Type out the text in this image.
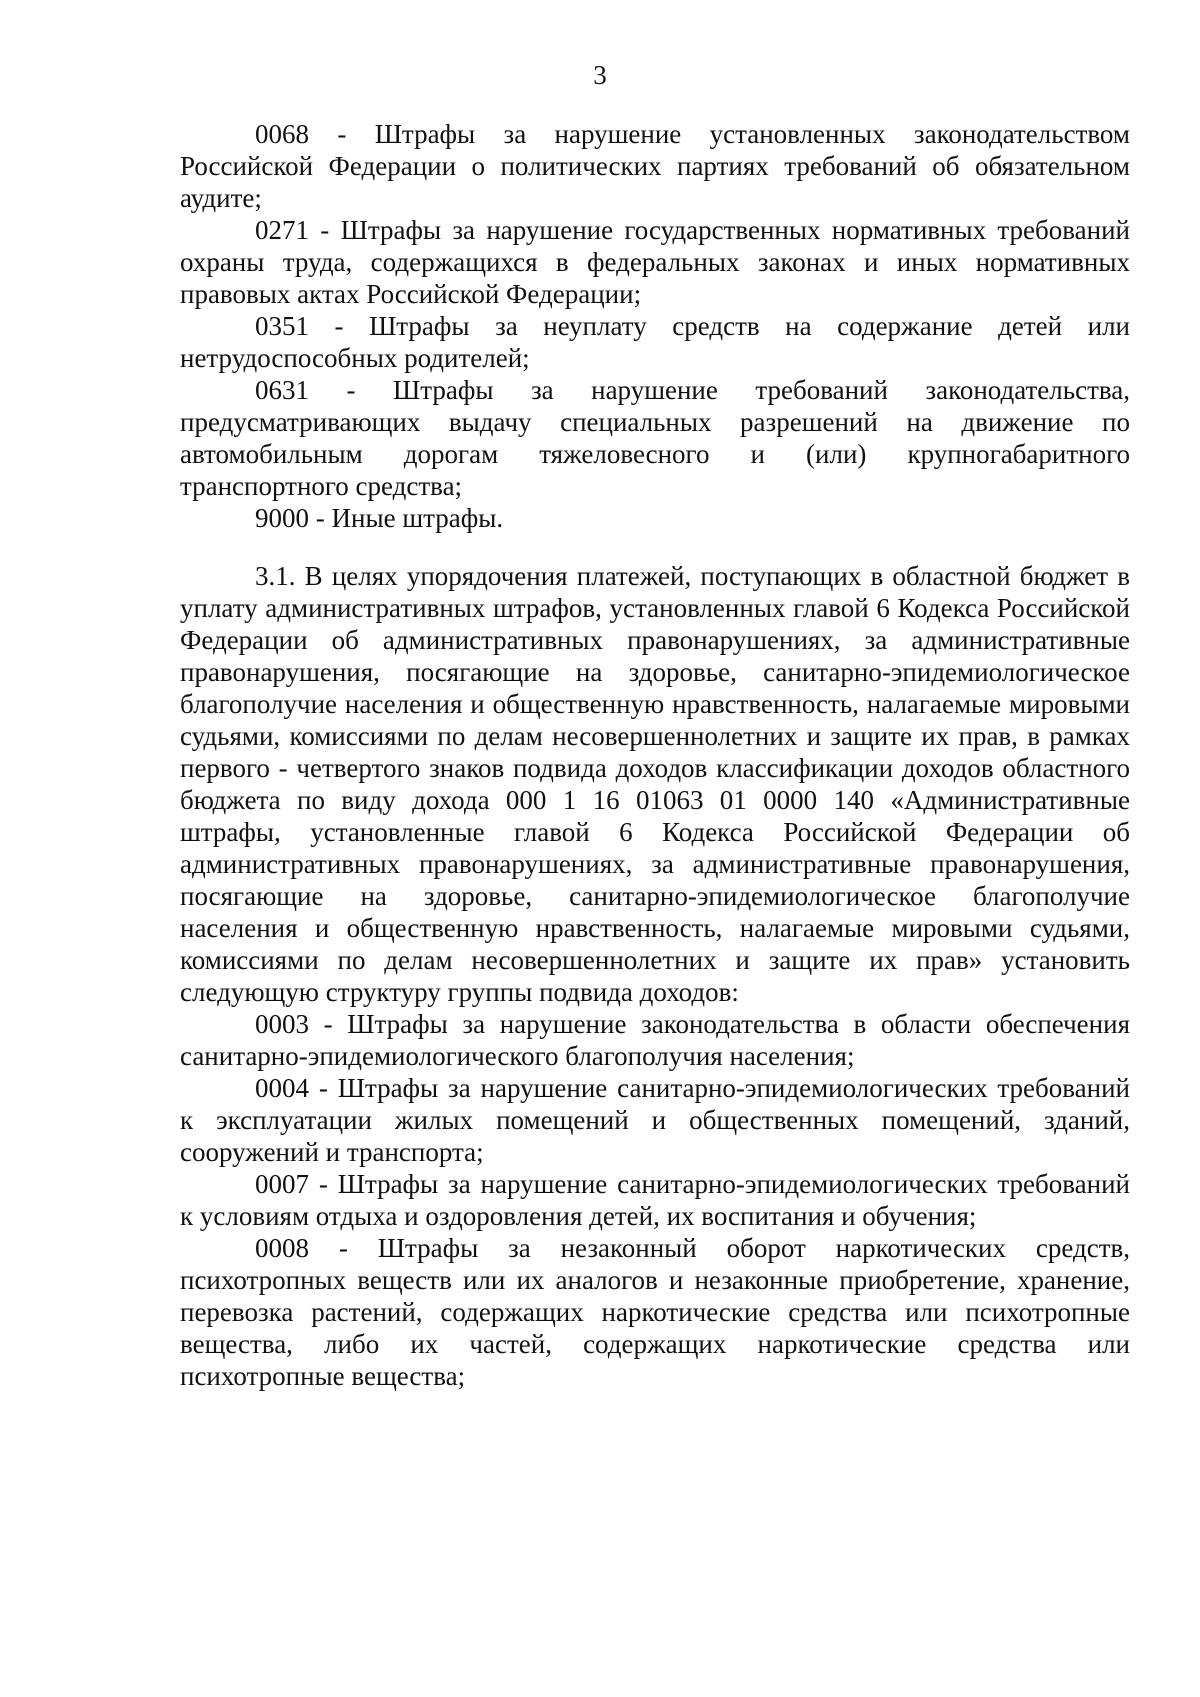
3

0068 - Штрафы за нарушение установленных законодательством Российской Федерации о политических партиях требований об обязательном аудите;

0271 - Штрафы за нарушение государственных нормативных требований охраны труда, содержащихся в федеральных законах и иных нормативных правовых актах Российской Федерации;

0351 - Штрафы за неуплату средств на содержание детей или нетрудоспособных родителей;

0631 - Штрафы за нарушение требований законодательства, предусматривающих выдачу специальных разрешений на движение по автомобильным дорогам тяжеловесного и (или) крупногабаритного транспортного средства;

9000 - Иные штрафы.

3.1. В целях упорядочения платежей, поступающих в областной бюджет в уплату административных штрафов, установленных главой 6 Кодекса Российской Федерации об административных правонарушениях, за административные правонарушения, посягающие на здоровье, санитарно-эпидемиологическое благополучие населения и общественную нравственность, налагаемые мировыми судьями, комиссиями по делам несовершеннолетних и защите их прав, в рамках первого - четвертого знаков подвида доходов классификации доходов областного бюджета по виду дохода 000 1 16 01063 01 0000 140 «Административные штрафы, установленные главой 6 Кодекса Российской Федерации об административных правонарушениях, за административные правонарушения, посягающие на здоровье, санитарно-эпидемиологическое благополучие населения и общественную нравственность, налагаемые мировыми судьями, комиссиями по делам несовершеннолетних и защите их прав» установить следующую структуру группы подвида доходов:

0003 - Штрафы за нарушение законодательства в области обеспечения санитарно-эпидемиологического благополучия населения;

0004 - Штрафы за нарушение санитарно-эпидемиологических требований к эксплуатации жилых помещений и общественных помещений, зданий, сооружений и транспорта;

0007 - Штрафы за нарушение санитарно-эпидемиологических требований к условиям отдыха и оздоровления детей, их воспитания и обучения;

0008 - Штрафы за незаконный оборот наркотических средств, психотропных веществ или их аналогов и незаконные приобретение, хранение, перевозка растений, содержащих наркотические средства или психотропные вещества, либо их частей, содержащих наркотические средства или психотропные вещества;
